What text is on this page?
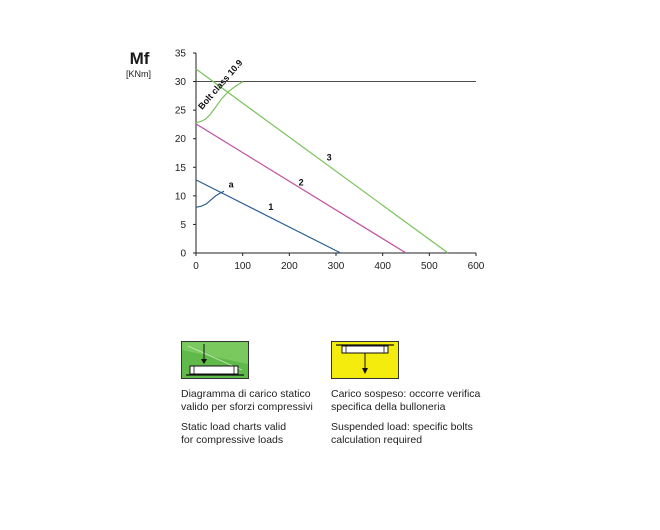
0
5
10
15
20
25
30
35
0	100	200	300	400	500	600
1
2
3
a
Bolt class 10.9
Mf
[KNm]
Diagramma di carico statico
valido per sforzi compressivi
Static load charts valid
for compressive loads
Carico sospeso: occorre verifica
specifica della bulloneria
Suspended load: specific bolts
calculation required
